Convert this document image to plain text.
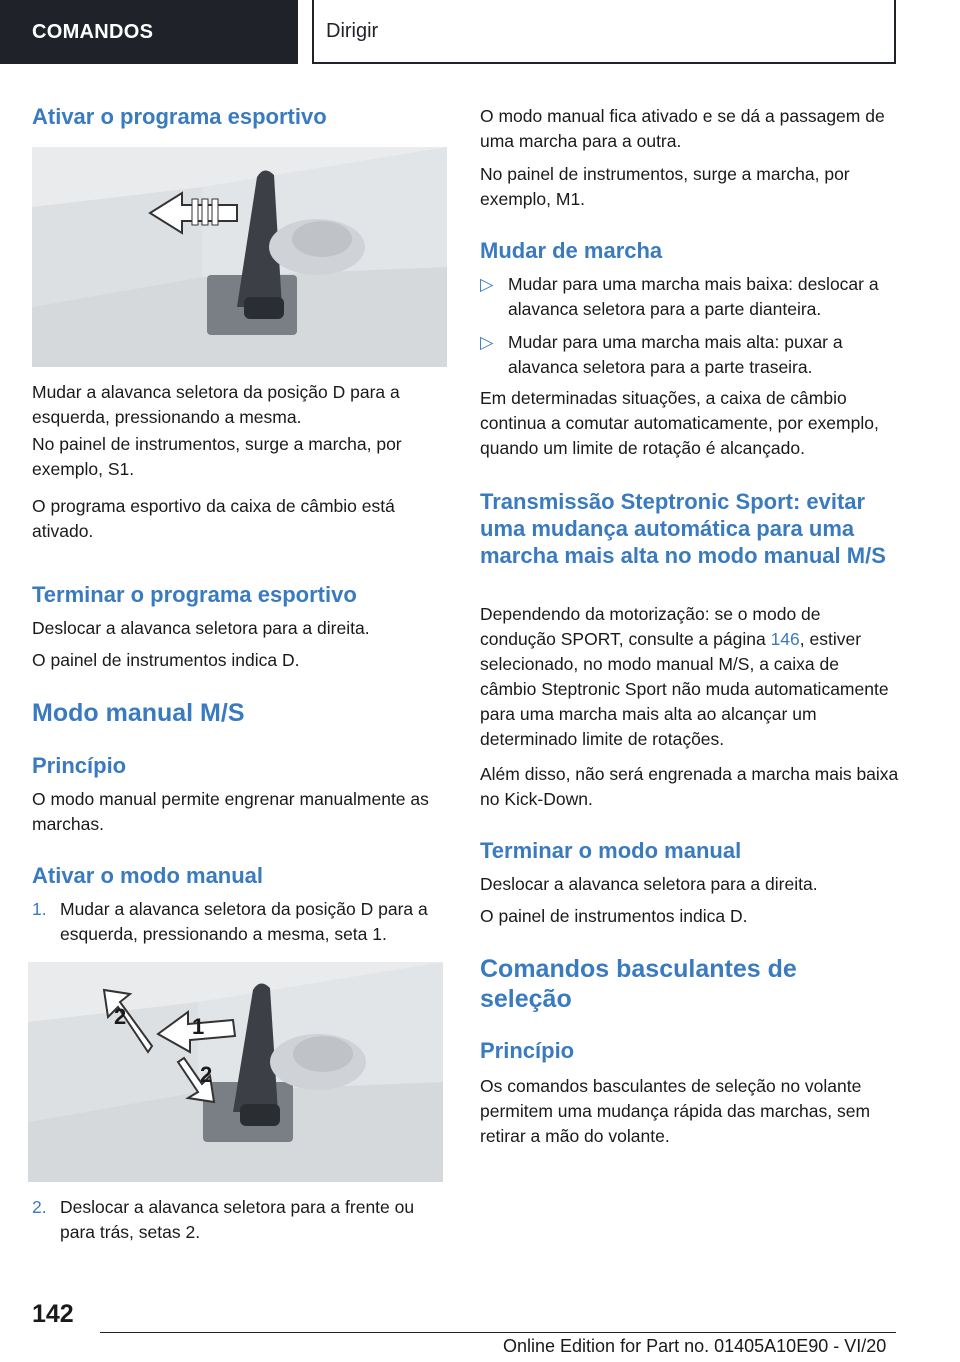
COMANDOS	Dirigir
Ativar o programa esportivo

Mudar a alavanca seletora da posição D para a esquerda, pressionando a mesma.

No painel de instrumentos, surge a marcha, por exemplo, S1.

O programa esportivo da caixa de câmbio está ativado.

Terminar o programa esportivo

Deslocar a alavanca seletora para a direita.

O painel de instrumentos indica D.

Modo manual M/S
Princípio

O modo manual permite engrenar manualmente as marchas.

Ativar o modo manual
1. Mudar a alavanca seletora da posição D para a esquerda, pressionando a mesma, seta 1.
1
2
2
2. Deslocar a alavanca seletora para a frente ou para trás, setas 2.

O modo manual fica ativado e se dá a passagem de uma marcha para a outra.

No painel de instrumentos, surge a marcha, por exemplo, M1.

Mudar de marcha
▷ Mudar para uma marcha mais baixa: deslocar a alavanca seletora para a parte dianteira.
▷ Mudar para uma marcha mais alta: puxar a alavanca seletora para a parte traseira.

Em determinadas situações, a caixa de câmbio continua a comutar automaticamente, por exemplo, quando um limite de rotação é alcançado.

Transmissão Steptronic Sport: evitar uma mudança automática para uma marcha mais alta no modo manual M/S

Dependendo da motorização: se o modo de condução SPORT, consulte a página 146, estiver selecionado, no modo manual M/S, a caixa de câmbio Steptronic Sport não muda automaticamente para uma marcha mais alta ao alcançar um determinado limite de rotações.

Além disso, não será engrenada a marcha mais baixa no Kick-Down.

Terminar o modo manual

Deslocar a alavanca seletora para a direita.

O painel de instrumentos indica D.

Comandos basculantes de seleção
Princípio

Os comandos basculantes de seleção no volante permitem uma mudança rápida das marchas, sem retirar a mão do volante.

142
Online Edition for Part no. 01405A10E90 - VI/20
